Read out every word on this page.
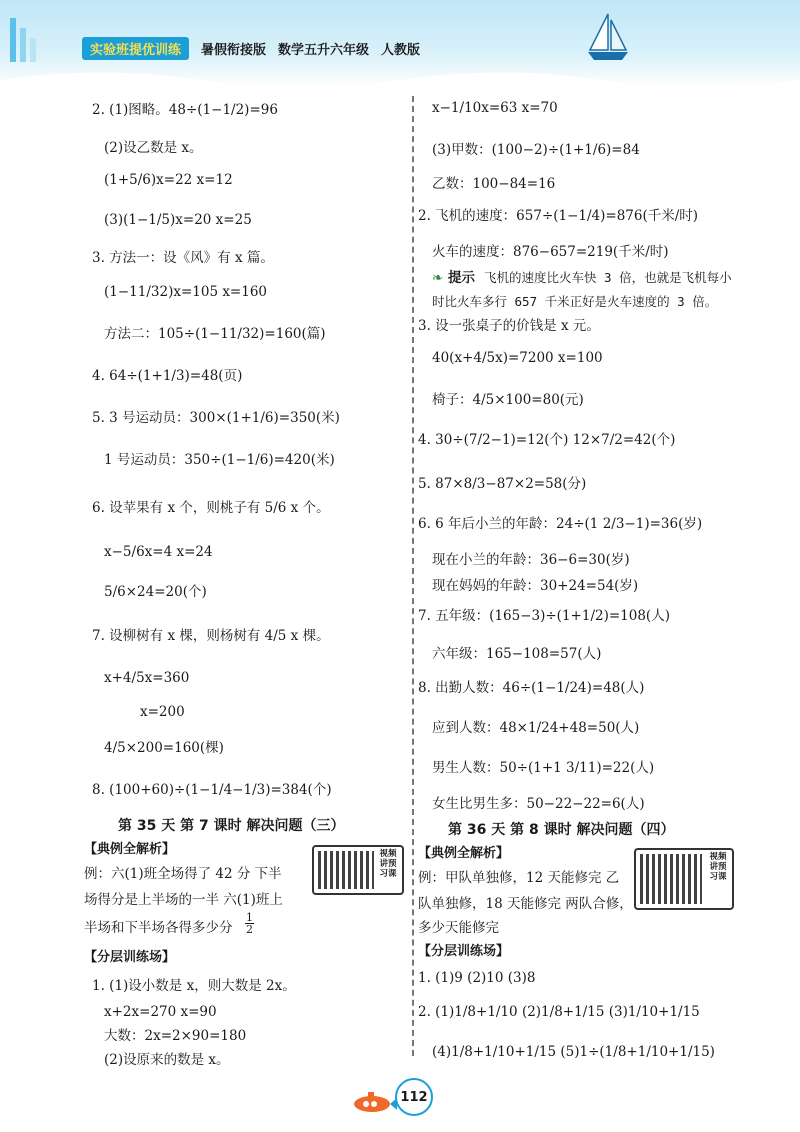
实验班提优训练	暑假衔接版 数学五升六年级 人教版
2. (1)图略。48÷(1−1/2)=96
(2)设乙数是 x。
(1+5/6)x=22 x=12
(3)(1−1/5)x=20 x=25
3. 方法一：设《风》有 x 篇。
(1−11/32)x=105 x=160
方法二：105÷(1−11/32)=160(篇)
4. 64÷(1+1/3)=48(页)
5. 3 号运动员：300×(1+1/6)=350(米)
1 号运动员：350÷(1−1/6)=420(米)
6. 设苹果有 x 个，则桃子有 5/6 x 个。
x−5/6x=4 x=24
5/6×24=20(个)
7. 设柳树有 x 棵，则杨树有 4/5 x 棵。
x+4/5x=360
x=200
4/5×200=160(棵)
8. (100+60)÷(1−1/4−1/3)=384(个)
第 35 天 第 7 课时 解决问题（三）
【典例全解析】
例：六(1)班全场得了 42 分 下半
场得分是上半场的一半 六(1)班上
半场和下半场各得多少分 $\frac{1}{2}$
视频讲预习课
【分层训练场】
1. (1)设小数是 x，则大数是 2x。
x+2x=270 x=90
大数：2x=2×90=180
(2)设原来的数是 x。
x−1/10x=63 x=70
(3)甲数：(100−2)÷(1+1/6)=84
乙数：100−84=16
2. 飞机的速度：657÷(1−1/4)=876(千米/时)
火车的速度：876−657=219(千米/时)
❧ 提示 飞机的速度比火车快 3 倍，也就是飞机每小
时比火车多行 657 千米正好是火车速度的 3 倍。
3. 设一张桌子的价钱是 x 元。
40(x+4/5x)=7200 x=100
椅子：4/5×100=80(元)
4. 30÷(7/2−1)=12(个) 12×7/2=42(个)
5. 87×8/3−87×2=58(分)
6. 6 年后小兰的年龄：24÷(1 2/3−1)=36(岁)
现在小兰的年龄：36−6=30(岁)
现在妈妈的年龄：30+24=54(岁)
7. 五年级：(165−3)÷(1+1/2)=108(人)
六年级：165−108=57(人)
8. 出勤人数：46÷(1−1/24)=48(人)
应到人数：48×1/24+48=50(人)
男生人数：50÷(1+1 3/11)=22(人)
女生比男生多：50−22−22=6(人)
第 36 天 第 8 课时 解决问题（四）
【典例全解析】
例：甲队单独修，12 天能修完 乙
队单独修，18 天能修完 两队合修，
多少天能修完
视频讲预习课
【分层训练场】
1. (1)9 (2)10 (3)8
2. (1)1/8+1/10 (2)1/8+1/15 (3)1/10+1/15
(4)1/8+1/10+1/15 (5)1÷(1/8+1/10+1/15)
112
